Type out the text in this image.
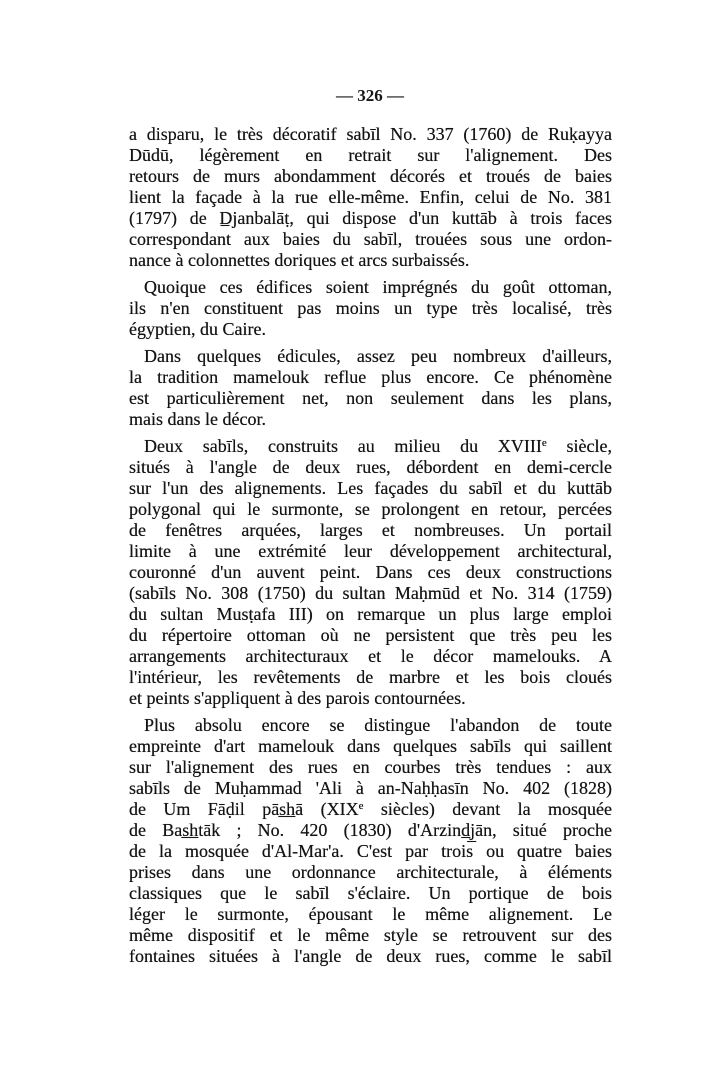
— 326 —
a disparu, le très décoratif sabīl No. 337 (1760) de Ruḳayya
Dūdū, légèrement en retrait sur l'alignement. Des
retours de murs abondamment décorés et troués de baies
lient la façade à la rue elle-même. Enfin, celui de No. 381
(1797) de D̲janbalāṭ, qui dispose d'un kuttāb à trois faces
correspondant aux baies du sabīl, trouées sous une ordon-
nance à colonnettes doriques et arcs surbaissés.
Quoique ces édifices soient imprégnés du goût ottoman,
ils n'en constituent pas moins un type très localisé, très
égyptien, du Caire.
Dans quelques édicules, assez peu nombreux d'ailleurs,
la tradition mamelouk reflue plus encore. Ce phénomène
est particulièrement net, non seulement dans les plans,
mais dans le décor.
Deux sabīls, construits au milieu du XVIIIe siècle,
situés à l'angle de deux rues, débordent en demi-cercle
sur l'un des alignements. Les façades du sabīl et du kuttāb
polygonal qui le surmonte, se prolongent en retour, percées
de fenêtres arquées, larges et nombreuses. Un portail
limite à une extrémité leur développement architectural,
couronné d'un auvent peint. Dans ces deux constructions
(sabīls No. 308 (1750) du sultan Maḥmūd et No. 314 (1759)
du sultan Musṭafa III) on remarque un plus large emploi
du répertoire ottoman où ne persistent que très peu les
arrangements architecturaux et le décor mamelouks. A
l'intérieur, les revêtements de marbre et les bois cloués
et peints s'appliquent à des parois contournées.
Plus absolu encore se distingue l'abandon de toute
empreinte d'art mamelouk dans quelques sabīls qui saillent
sur l'alignement des rues en courbes très tendues : aux
sabīls de Muḥammad 'Ali à an-Naḥḥasīn No. 402 (1828)
de Um Fāḍil pās̲h̲ā (XIXe siècles) devant la mosquée
de Bas̲h̲tāk ; No. 420 (1830) d'Arzind̲j̲ān, situé proche
de la mosquée d'Al-Mar'a. C'est par trois ou quatre baies
prises dans une ordonnance architecturale, à éléments
classiques que le sabīl s'éclaire. Un portique de bois
léger le surmonte, épousant le même alignement. Le
même dispositif et le même style se retrouvent sur des
fontaines situées à l'angle de deux rues, comme le sabīl
